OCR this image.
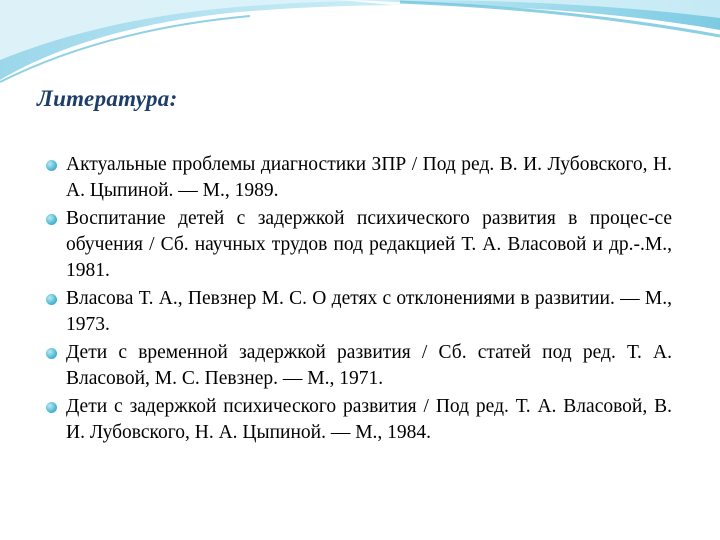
Литература:
Актуальные проблемы диагностики ЗПР / Под ред. В. И. Лубовского, Н. А. Цыпиной. — М., 1989.
Воспитание детей с задержкой психического развития в процес-се обучения / Сб. научных трудов под редакцией Т. А. Власовой и др.-.М., 1981.
Власова Т. А., Певзнер М. С. О детях с отклонениями в развитии. — М., 1973.
Дети с временной задержкой развития / Сб. статей под ред. Т. А. Власовой, М. С. Певзнер. — М., 1971.
Дети с задержкой психического развития / Под ред. Т. А. Власовой, В. И. Лубовского, Н. А. Цыпиной. — М., 1984.
